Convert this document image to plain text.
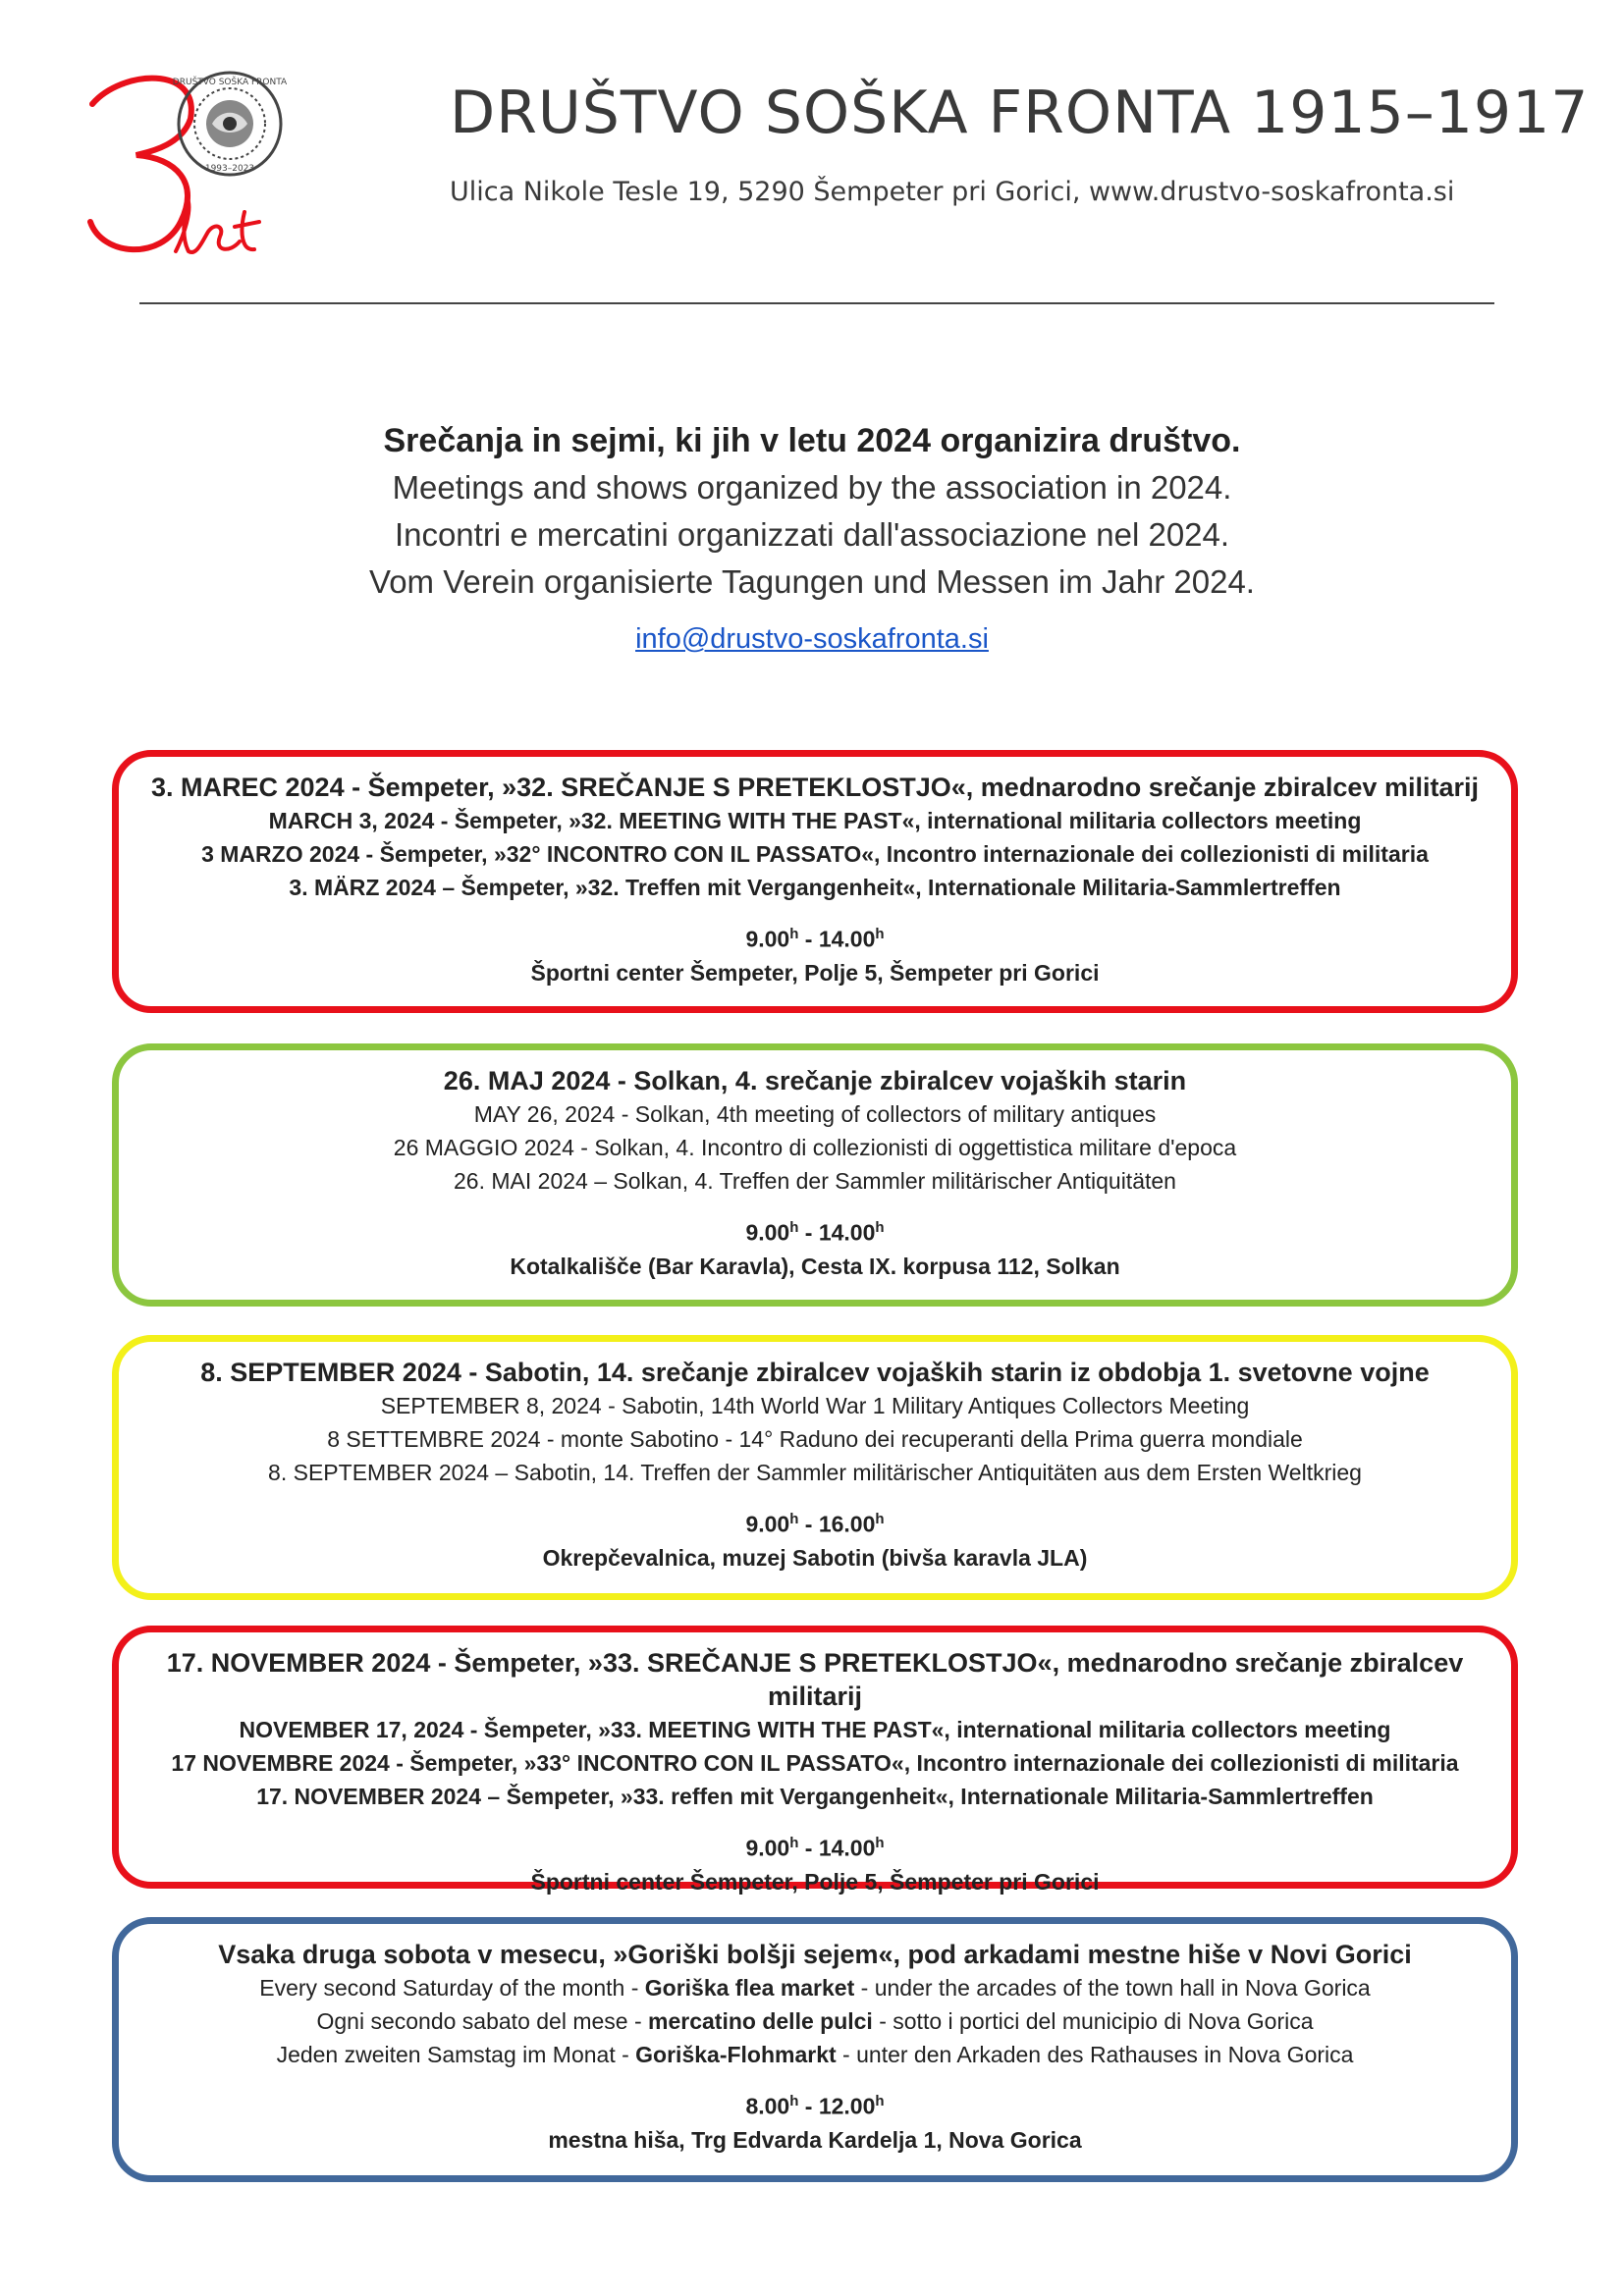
DRUŠTVO SOŠKA FRONTA
1993–2023
DRUŠTVO SOŠKA FRONTA 1915–1917
Ulica Nikole Tesle 19, 5290 Šempeter pri Gorici, www.drustvo-soskafronta.si
Srečanja in sejmi, ki jih v letu 2024 organizira društvo.
Meetings and shows organized by the association in 2024.
Incontri e mercatini organizzati dall'associazione nel 2024.
Vom Verein organisierte Tagungen und Messen im Jahr 2024.
info@drustvo-soskafronta.si
3. MAREC 2024 - Šempeter, »32. SREČANJE S PRETEKLOSTJO«, mednarodno srečanje zbiralcev militarij
MARCH 3, 2024 - Šempeter, »32. MEETING WITH THE PAST«, international militaria collectors meeting
3 MARZO 2024 - Šempeter, »32° INCONTRO CON IL PASSATO«, Incontro internazionale dei collezionisti di militaria
3. MÄRZ 2024 – Šempeter, »32. Treffen mit Vergangenheit«, Internationale Militaria-Sammlertreffen
9.00$^h$ - 14.00$^h$
Športni center Šempeter, Polje 5, Šempeter pri Gorici
26. MAJ 2024 - Solkan, 4. srečanje zbiralcev vojaških starin
MAY 26, 2024 - Solkan, 4th meeting of collectors of military antiques
26 MAGGIO 2024 - Solkan, 4. Incontro di collezionisti di oggettistica militare d'epoca
26. MAI 2024 – Solkan, 4. Treffen der Sammler militärischer Antiquitäten
9.00$^h$ - 14.00$^h$
Kotalkališče (Bar Karavla), Cesta IX. korpusa 112, Solkan
8. SEPTEMBER 2024 - Sabotin, 14. srečanje zbiralcev vojaških starin iz obdobja 1. svetovne vojne
SEPTEMBER 8, 2024 - Sabotin, 14th World War 1 Military Antiques Collectors Meeting
8 SETTEMBRE 2024 - monte Sabotino - 14° Raduno dei recuperanti della Prima guerra mondiale
8. SEPTEMBER 2024 – Sabotin, 14. Treffen der Sammler militärischer Antiquitäten aus dem Ersten Weltkrieg
9.00$^h$ - 16.00$^h$
Okrepčevalnica, muzej Sabotin (bivša karavla JLA)
17. NOVEMBER 2024 - Šempeter, »33. SREČANJE S PRETEKLOSTJO«, mednarodno srečanje zbiralcev militarij
NOVEMBER 17, 2024 - Šempeter, »33. MEETING WITH THE PAST«, international militaria collectors meeting
17 NOVEMBRE 2024 - Šempeter, »33° INCONTRO CON IL PASSATO«, Incontro internazionale dei collezionisti di militaria
17. NOVEMBER 2024 – Šempeter, »33. reffen mit Vergangenheit«, Internationale Militaria-Sammlertreffen
9.00$^h$ - 14.00$^h$
Športni center Šempeter, Polje 5, Šempeter pri Gorici
Vsaka druga sobota v mesecu, »Goriški bolšji sejem«, pod arkadami mestne hiše v Novi Gorici
Every second Saturday of the month - Goriška flea market - under the arcades of the town hall in Nova Gorica
Ogni secondo sabato del mese - mercatino delle pulci - sotto i portici del municipio di Nova Gorica
Jeden zweiten Samstag im Monat - Goriška-Flohmarkt - unter den Arkaden des Rathauses in Nova Gorica
8.00$^h$ - 12.00$^h$
mestna hiša, Trg Edvarda Kardelja 1, Nova Gorica
